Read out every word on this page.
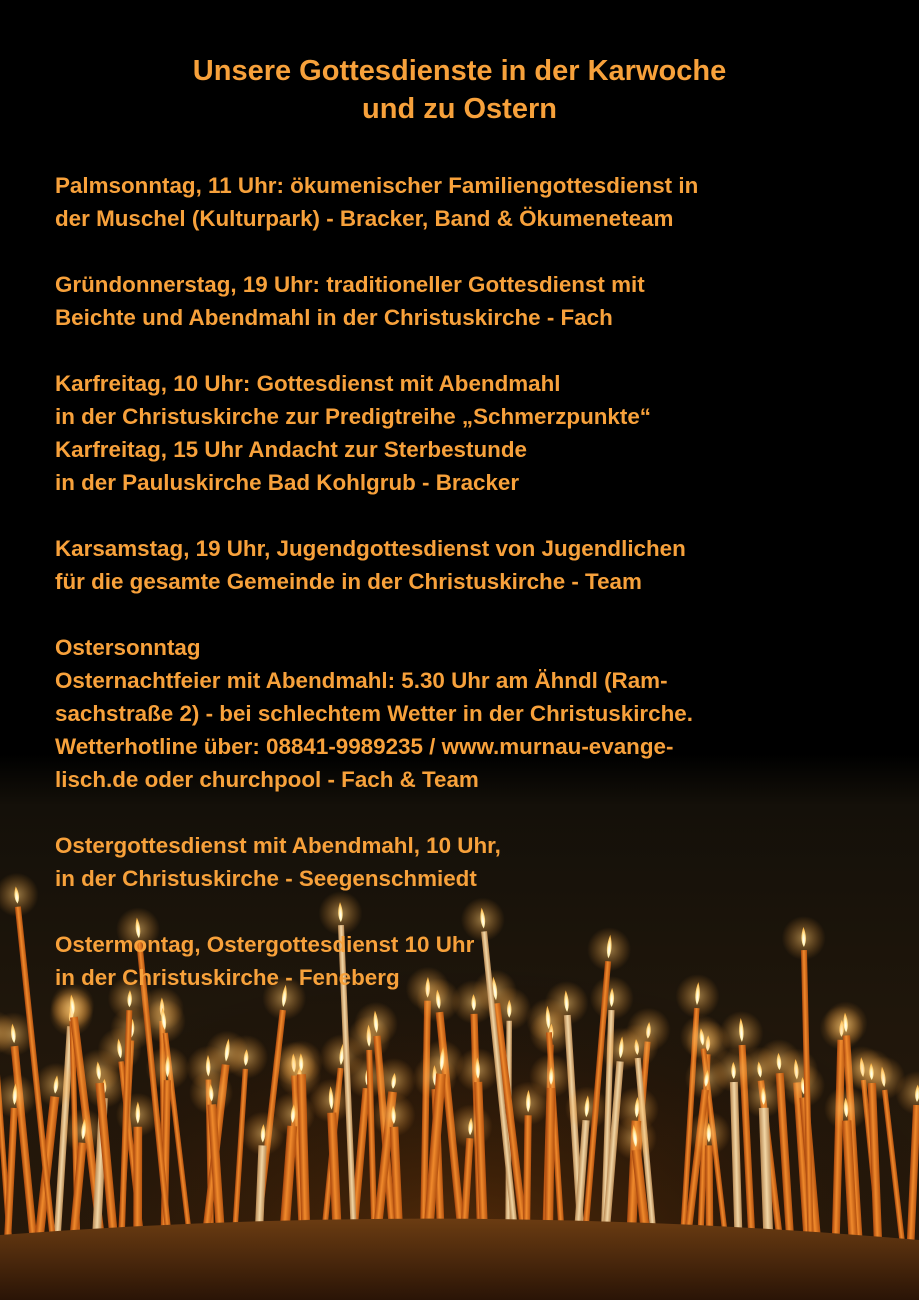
Unsere Gottesdienste in der Karwoche
und zu Ostern
Palmsonntag, 11 Uhr: ökumenischer Familiengottesdienst in
der Muschel (Kulturpark) - Bracker, Band & Ökumeneteam
Gründonnerstag, 19 Uhr: traditioneller Gottesdienst mit
Beichte und Abendmahl in der Christuskirche - Fach
Karfreitag, 10 Uhr: Gottesdienst mit Abendmahl
in der Christuskirche zur Predigtreihe „Schmerzpunkte“
Karfreitag, 15 Uhr Andacht zur Sterbestunde
in der Pauluskirche Bad Kohlgrub - Bracker
Karsamstag, 19 Uhr, Jugendgottesdienst von Jugendlichen
für die gesamte Gemeinde in der Christuskirche - Team
Ostersonntag
Osternachtfeier mit Abendmahl: 5.30 Uhr am Ähndl (Ram-
sachstraße 2) - bei schlechtem Wetter in der Christuskirche.
Wetterhotline über: 08841-9989235 / www.murnau-evange-
lisch.de oder churchpool - Fach & Team
Ostergottesdienst mit Abendmahl, 10 Uhr,
in der Christuskirche - Seegenschmiedt
Ostermontag, Ostergottesdienst 10 Uhr
in der Christuskirche - Feneberg
